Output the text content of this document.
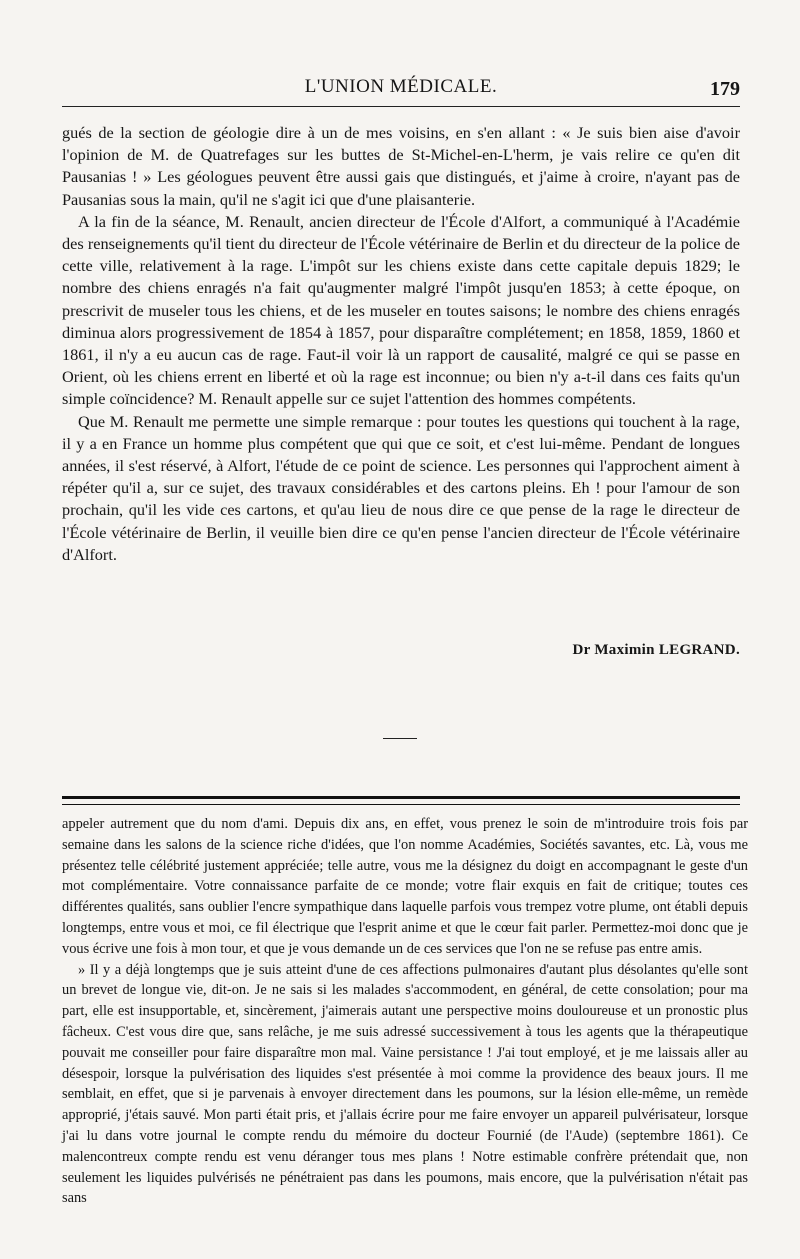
L'UNION MÉDICALE.	179

gués de la section de géologie dire à un de mes voisins, en s'en allant : « Je suis bien aise d'avoir l'opinion de M. de Quatrefages sur les buttes de St-Michel-en-L'herm, je vais relire ce qu'en dit Pausanias ! » Les géologues peuvent être aussi gais que distingués, et j'aime à croire, n'ayant pas de Pausanias sous la main, qu'il ne s'agit ici que d'une plaisanterie.

A la fin de la séance, M. Renault, ancien directeur de l'École d'Alfort, a communiqué à l'Académie des renseignements qu'il tient du directeur de l'École vétérinaire de Berlin et du directeur de la police de cette ville, relativement à la rage. L'impôt sur les chiens existe dans cette capitale depuis 1829; le nombre des chiens enragés n'a fait qu'augmenter malgré l'impôt jusqu'en 1853; à cette époque, on prescrivit de museler tous les chiens, et de les museler en toutes saisons; le nombre des chiens enragés diminua alors progressivement de 1854 à 1857, pour disparaître complétement; en 1858, 1859, 1860 et 1861, il n'y a eu aucun cas de rage. Faut-il voir là un rapport de causalité, malgré ce qui se passe en Orient, où les chiens errent en liberté et où la rage est inconnue; ou bien n'y a-t-il dans ces faits qu'un simple coïncidence? M. Renault appelle sur ce sujet l'attention des hommes compétents.

Que M. Renault me permette une simple remarque : pour toutes les questions qui touchent à la rage, il y a en France un homme plus compétent que qui que ce soit, et c'est lui-même. Pendant de longues années, il s'est réservé, à Alfort, l'étude de ce point de science. Les personnes qui l'approchent aiment à répéter qu'il a, sur ce sujet, des travaux considérables et des cartons pleins. Eh ! pour l'amour de son prochain, qu'il les vide ces cartons, et qu'au lieu de nous dire ce que pense de la rage le directeur de l'École vétérinaire de Berlin, il veuille bien dire ce qu'en pense l'ancien directeur de l'École vétérinaire d'Alfort.

Dr Maximin LEGRAND.

appeler autrement que du nom d'ami. Depuis dix ans, en effet, vous prenez le soin de m'introduire trois fois par semaine dans les salons de la science riche d'idées, que l'on nomme Académies, Sociétés savantes, etc. Là, vous me présentez telle célébrité justement appréciée; telle autre, vous me la désignez du doigt en accompagnant le geste d'un mot complémentaire. Votre connaissance parfaite de ce monde; votre flair exquis en fait de critique; toutes ces différentes qualités, sans oublier l'encre sympathique dans laquelle parfois vous trempez votre plume, ont établi depuis longtemps, entre vous et moi, ce fil électrique que l'esprit anime et que le cœur fait parler. Permettez-moi donc que je vous écrive une fois à mon tour, et que je vous demande un de ces services que l'on ne se refuse pas entre amis.

» Il y a déjà longtemps que je suis atteint d'une de ces affections pulmonaires d'autant plus désolantes qu'elle sont un brevet de longue vie, dit-on. Je ne sais si les malades s'accommodent, en général, de cette consolation; pour ma part, elle est insupportable, et, sincèrement, j'aimerais autant une perspective moins douloureuse et un pronostic plus fâcheux. C'est vous dire que, sans relâche, je me suis adressé successivement à tous les agents que la thérapeutique pouvait me conseiller pour faire disparaître mon mal. Vaine persistance ! J'ai tout employé, et je me laissais aller au désespoir, lorsque la pulvérisation des liquides s'est présentée à moi comme la providence des beaux jours. Il me semblait, en effet, que si je parvenais à envoyer directement dans les poumons, sur la lésion elle-même, un remède approprié, j'étais sauvé. Mon parti était pris, et j'allais écrire pour me faire envoyer un appareil pulvérisateur, lorsque j'ai lu dans votre journal le compte rendu du mémoire du docteur Fournié (de l'Aude) (septembre 1861). Ce malencontreux compte rendu est venu déranger tous mes plans ! Notre estimable confrère prétendait que, non seulement les liquides pulvérisés ne pénétraient pas dans les poumons, mais encore, que la pulvérisation n'était pas sans
